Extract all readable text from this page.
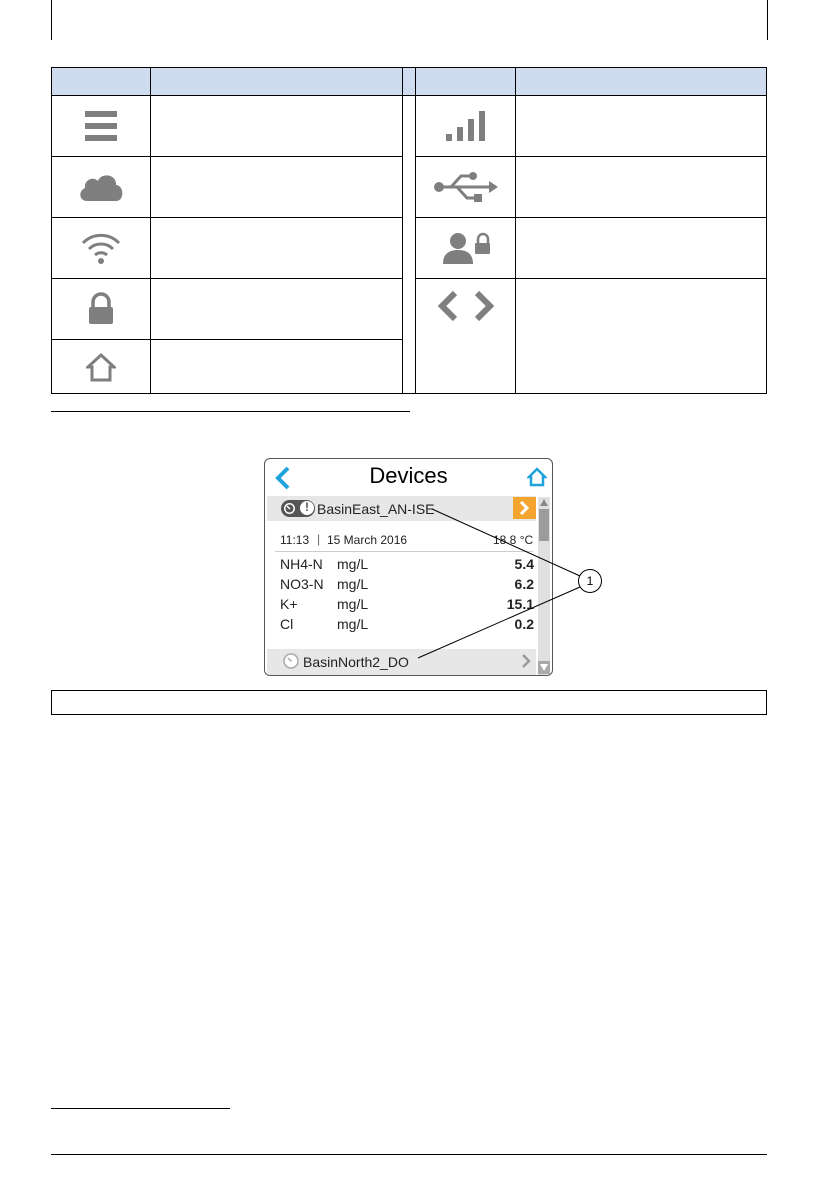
Devices
! BasinEast_AN-ISE
11:13 | 15 March 2016	18.8 °C
NH4-N mg/L	5.4
NO3-N mg/L	6.2
K+	mg/L	15.1
Cl	mg/L	0.2
BasinNorth2_DO
1
